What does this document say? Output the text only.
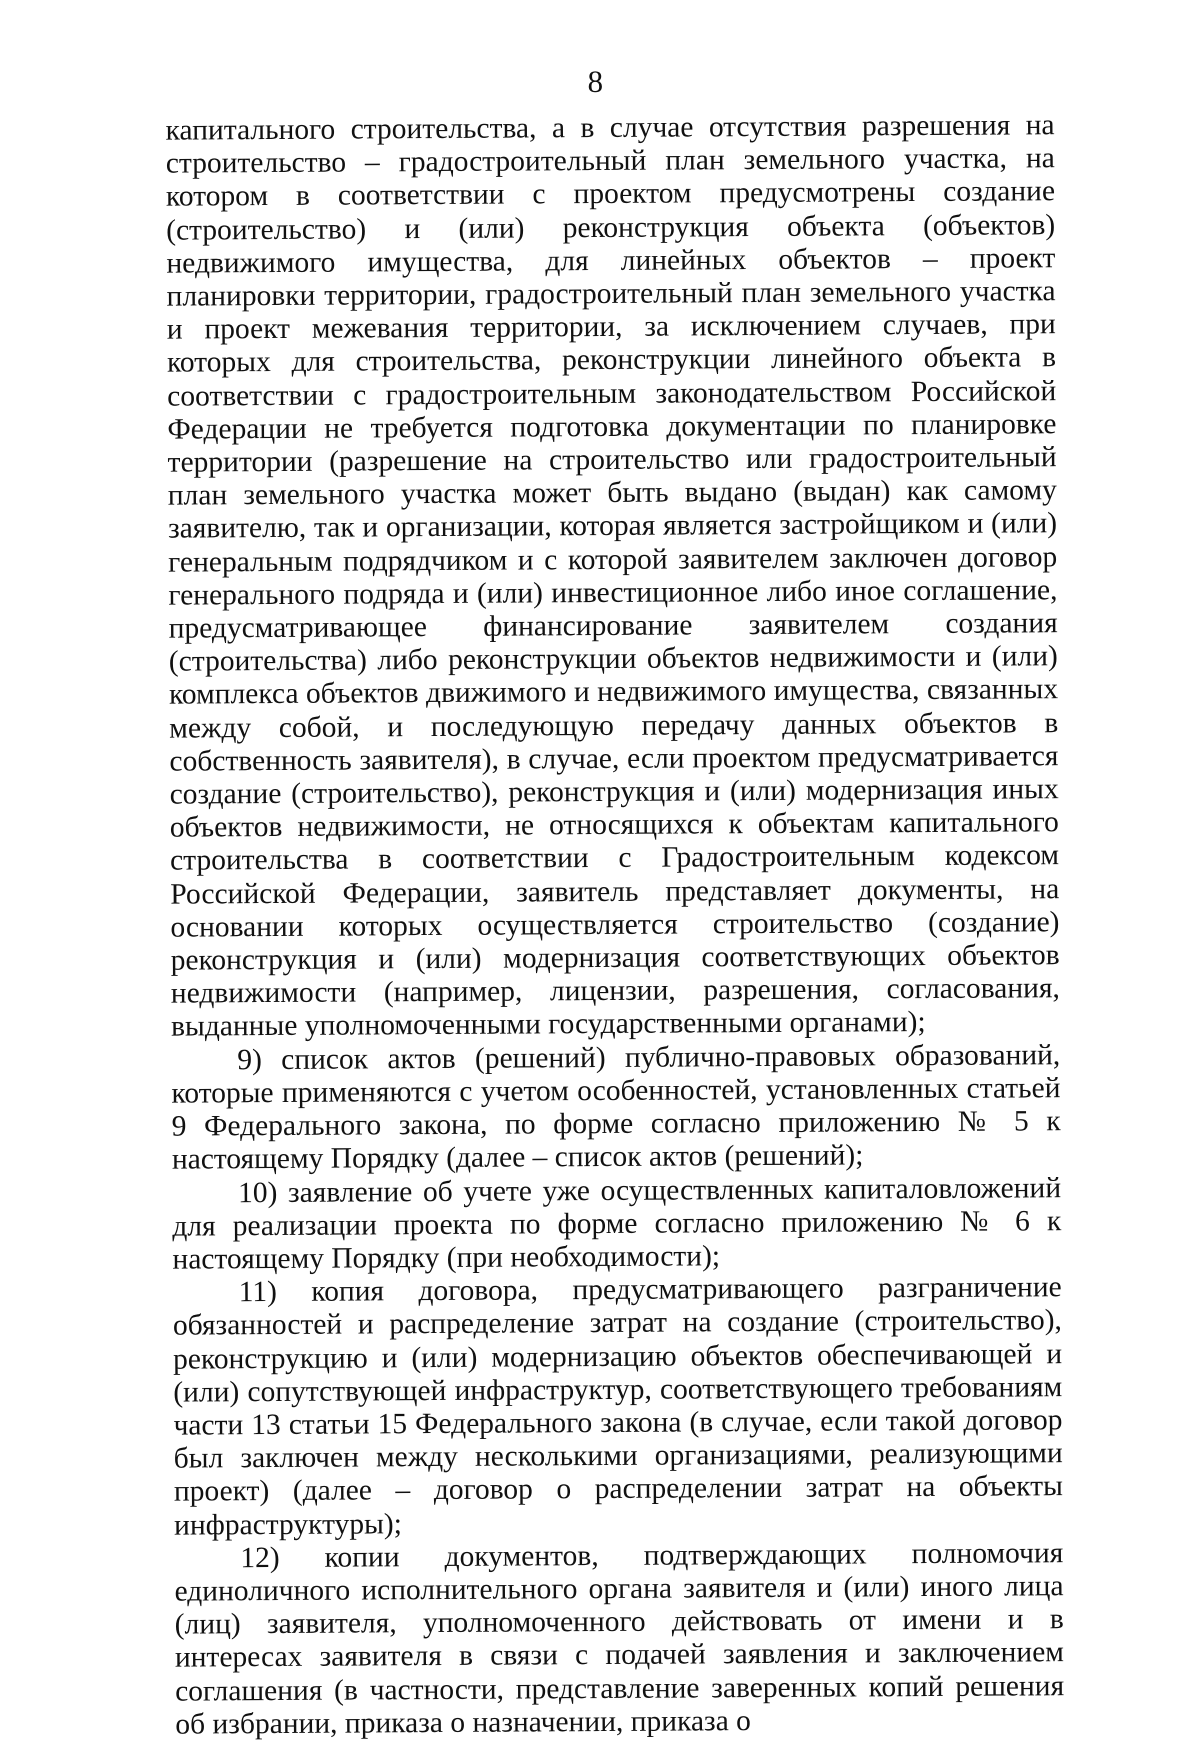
8

капитального строительства, а в случае отсутствия разрешения на строительство – градостроительный план земельного участка, на котором в соответствии с проектом предусмотрены создание (строительство) и (или) реконструкция объекта (объектов) недвижимого имущества, для линейных объектов – проект планировки территории, градостроительный план земельного участка и проект межевания территории, за исключением случаев, при которых для строительства, реконструкции линейного объекта в соответствии с градостроительным законодательством Российской Федерации не требуется подготовка документации по планировке территории (разрешение на строительство или градостроительный план земельного участка может быть выдано (выдан) как самому заявителю, так и организации, которая является застройщиком и (или) генеральным подрядчиком и с которой заявителем заключен договор генерального подряда и (или) инвестиционное либо иное соглашение, предусматривающее финансирование заявителем создания (строительства) либо реконструкции объектов недвижимости и (или) комплекса объектов движимого и недвижимого имущества, связанных между собой, и последующую передачу данных объектов в собственность заявителя), в случае, если проектом предусматривается создание (строительство), реконструкция и (или) модернизация иных объектов недвижимости, не относящихся к объектам капитального строительства в соответствии с Градостроительным кодексом Российской Федерации, заявитель представляет документы, на основании которых осуществляется строительство (создание) реконструкция и (или) модернизация соответствующих объектов недвижимости (например, лицензии, разрешения, согласования, выданные уполномоченными государственными органами);

9) список актов (решений) публично-правовых образований, которые применяются с учетом особенностей, установленных статьей 9 Федерального закона, по форме согласно приложению № 5 к настоящему Порядку (далее – список актов (решений);

10) заявление об учете уже осуществленных капиталовложений для реализации проекта по форме согласно приложению № 6 к настоящему Порядку (при необходимости);

11) копия договора, предусматривающего разграничение обязанностей и распределение затрат на создание (строительство), реконструкцию и (или) модернизацию объектов обеспечивающей и (или) сопутствующей инфраструктур, соответствующего требованиям части 13 статьи 15 Федерального закона (в случае, если такой договор был заключен между несколькими организациями, реализующими проект) (далее – договор о распределении затрат на объекты инфраструктуры);

12) копии документов, подтверждающих полномочия единоличного исполнительного органа заявителя и (или) иного лица (лиц) заявителя, уполномоченного действовать от имени и в интересах заявителя в связи с подачей заявления и заключением соглашения (в частности, представление заверенных копий решения об избрании, приказа о назначении, приказа о
